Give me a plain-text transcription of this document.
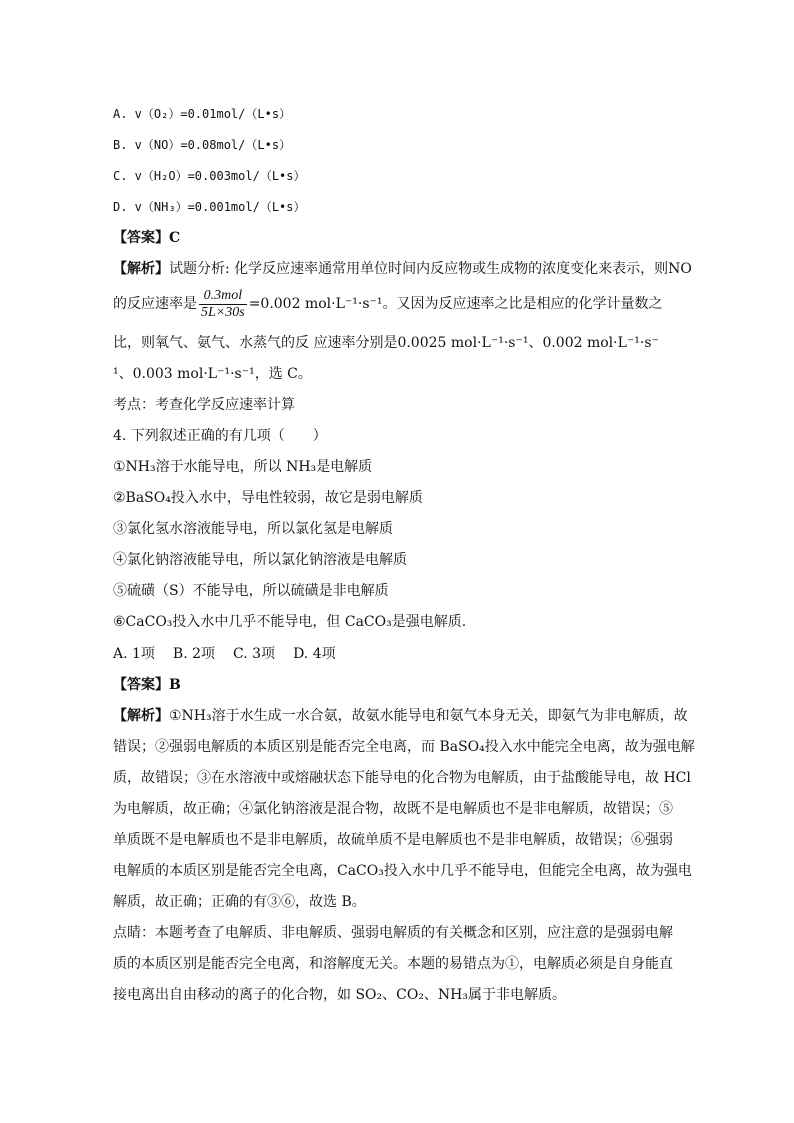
A. v（O₂）=0.01mol/（L•s）
B. v（NO）=0.08mol/（L•s）
C. v（H₂O）=0.003mol/（L•s）
D. v（NH₃）=0.001mol/（L•s）
【答案】C
【解析】试题分析: 化学反应速率通常用单位时间内反应物或生成物的浓度变化来表示，则NO
的反应速率是 $\frac{\text{0.3mol}}{5L\times 30s} =0.002$ mol·L⁻¹·s⁻¹。又因为反应速率之比是相应的化学计量数之
比，则氧气、氨气、水蒸气的反 应速率分别是0.0025 mol·L⁻¹·s⁻¹、0.002 mol·L⁻¹·s⁻
¹、0.003 mol·L⁻¹·s⁻¹，选 C。
考点：考查化学反应速率计算
4. 下列叙述正确的有几项（　　）
①NH₃溶于水能导电，所以 NH₃是电解质
②BaSO₄投入水中，导电性较弱，故它是弱电解质
③氯化氢水溶液能导电，所以氯化氢是电解质
④氯化钠溶液能导电，所以氯化钠溶液是电解质
⑤硫磺（S）不能导电，所以硫磺是非电解质
⑥CaCO₃投入水中几乎不能导电，但 CaCO₃是强电解质.
A. 1项 B. 2项 C. 3项 D. 4项
【答案】B
【解析】①NH₃溶于水生成一水合氨，故氨水能导电和氨气本身无关，即氨气为非电解质，故
错误；②强弱电解质的本质区别是能否完全电离，而 BaSO₄投入水中能完全电离，故为强电解
质，故错误；③在水溶液中或熔融状态下能导电的化合物为电解质，由于盐酸能导电，故 HCl
为电解质，故正确；④氯化钠溶液是混合物，故既不是电解质也不是非电解质，故错误；⑤
单质既不是电解质也不是非电解质，故硫单质不是电解质也不是非电解质，故错误；⑥强弱
电解质的本质区别是能否完全电离，CaCO₃投入水中几乎不能导电，但能完全电离，故为强电
解质，故正确；正确的有③⑥，故选 B。
点睛：本题考查了电解质、非电解质、强弱电解质的有关概念和区别，应注意的是强弱电解
质的本质区别是能否完全电离，和溶解度无关。本题的易错点为①，电解质必须是自身能直
接电离出自由移动的离子的化合物，如 SO₂、CO₂、NH₃属于非电解质。
